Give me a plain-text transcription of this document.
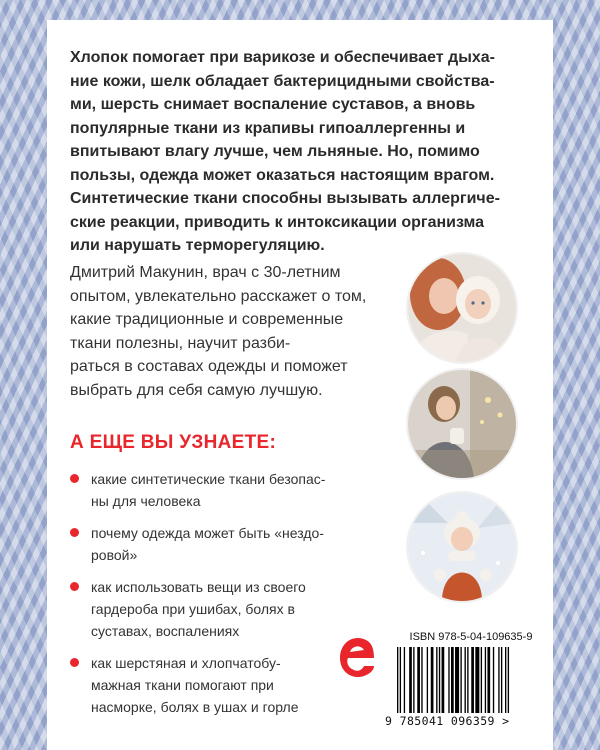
Хлопок помогает при варикозе и обеспечивает дыха-
ние кожи, шелк обладает бактерицидными свойства-
ми, шерсть снимает воспаление суставов, а вновь
популярные ткани из крапивы гипоаллергенны и
впитывают влагу лучше, чем льняные. Но, помимо
пользы, одежда может оказаться настоящим врагом.
Синтетические ткани способны вызывать аллергиче-
ские реакции, приводить к интоксикации организма
или нарушать терморегуляцию.

Дмитрий Макунин, врач с 30-летним
опытом, увлекательно расскажет о том,
какие традиционные и современные
ткани полезны, научит разби-
раться в составах одежды и поможет
выбрать для себя самую лучшую.

А ЕЩЕ ВЫ УЗНАЕТЕ:
какие синтетические ткани безопас-
ны для человека
почему одежда может быть «нездо-
ровой»
как использовать вещи из своего
гардероба при ушибах, болях в
суставах, воспалениях
как шерстяная и хлопчатобу-
мажная ткани помогают при
насморке, болях в ушах и горле
ISBN 978-5-04-109635-9
9 785041 096359 >
